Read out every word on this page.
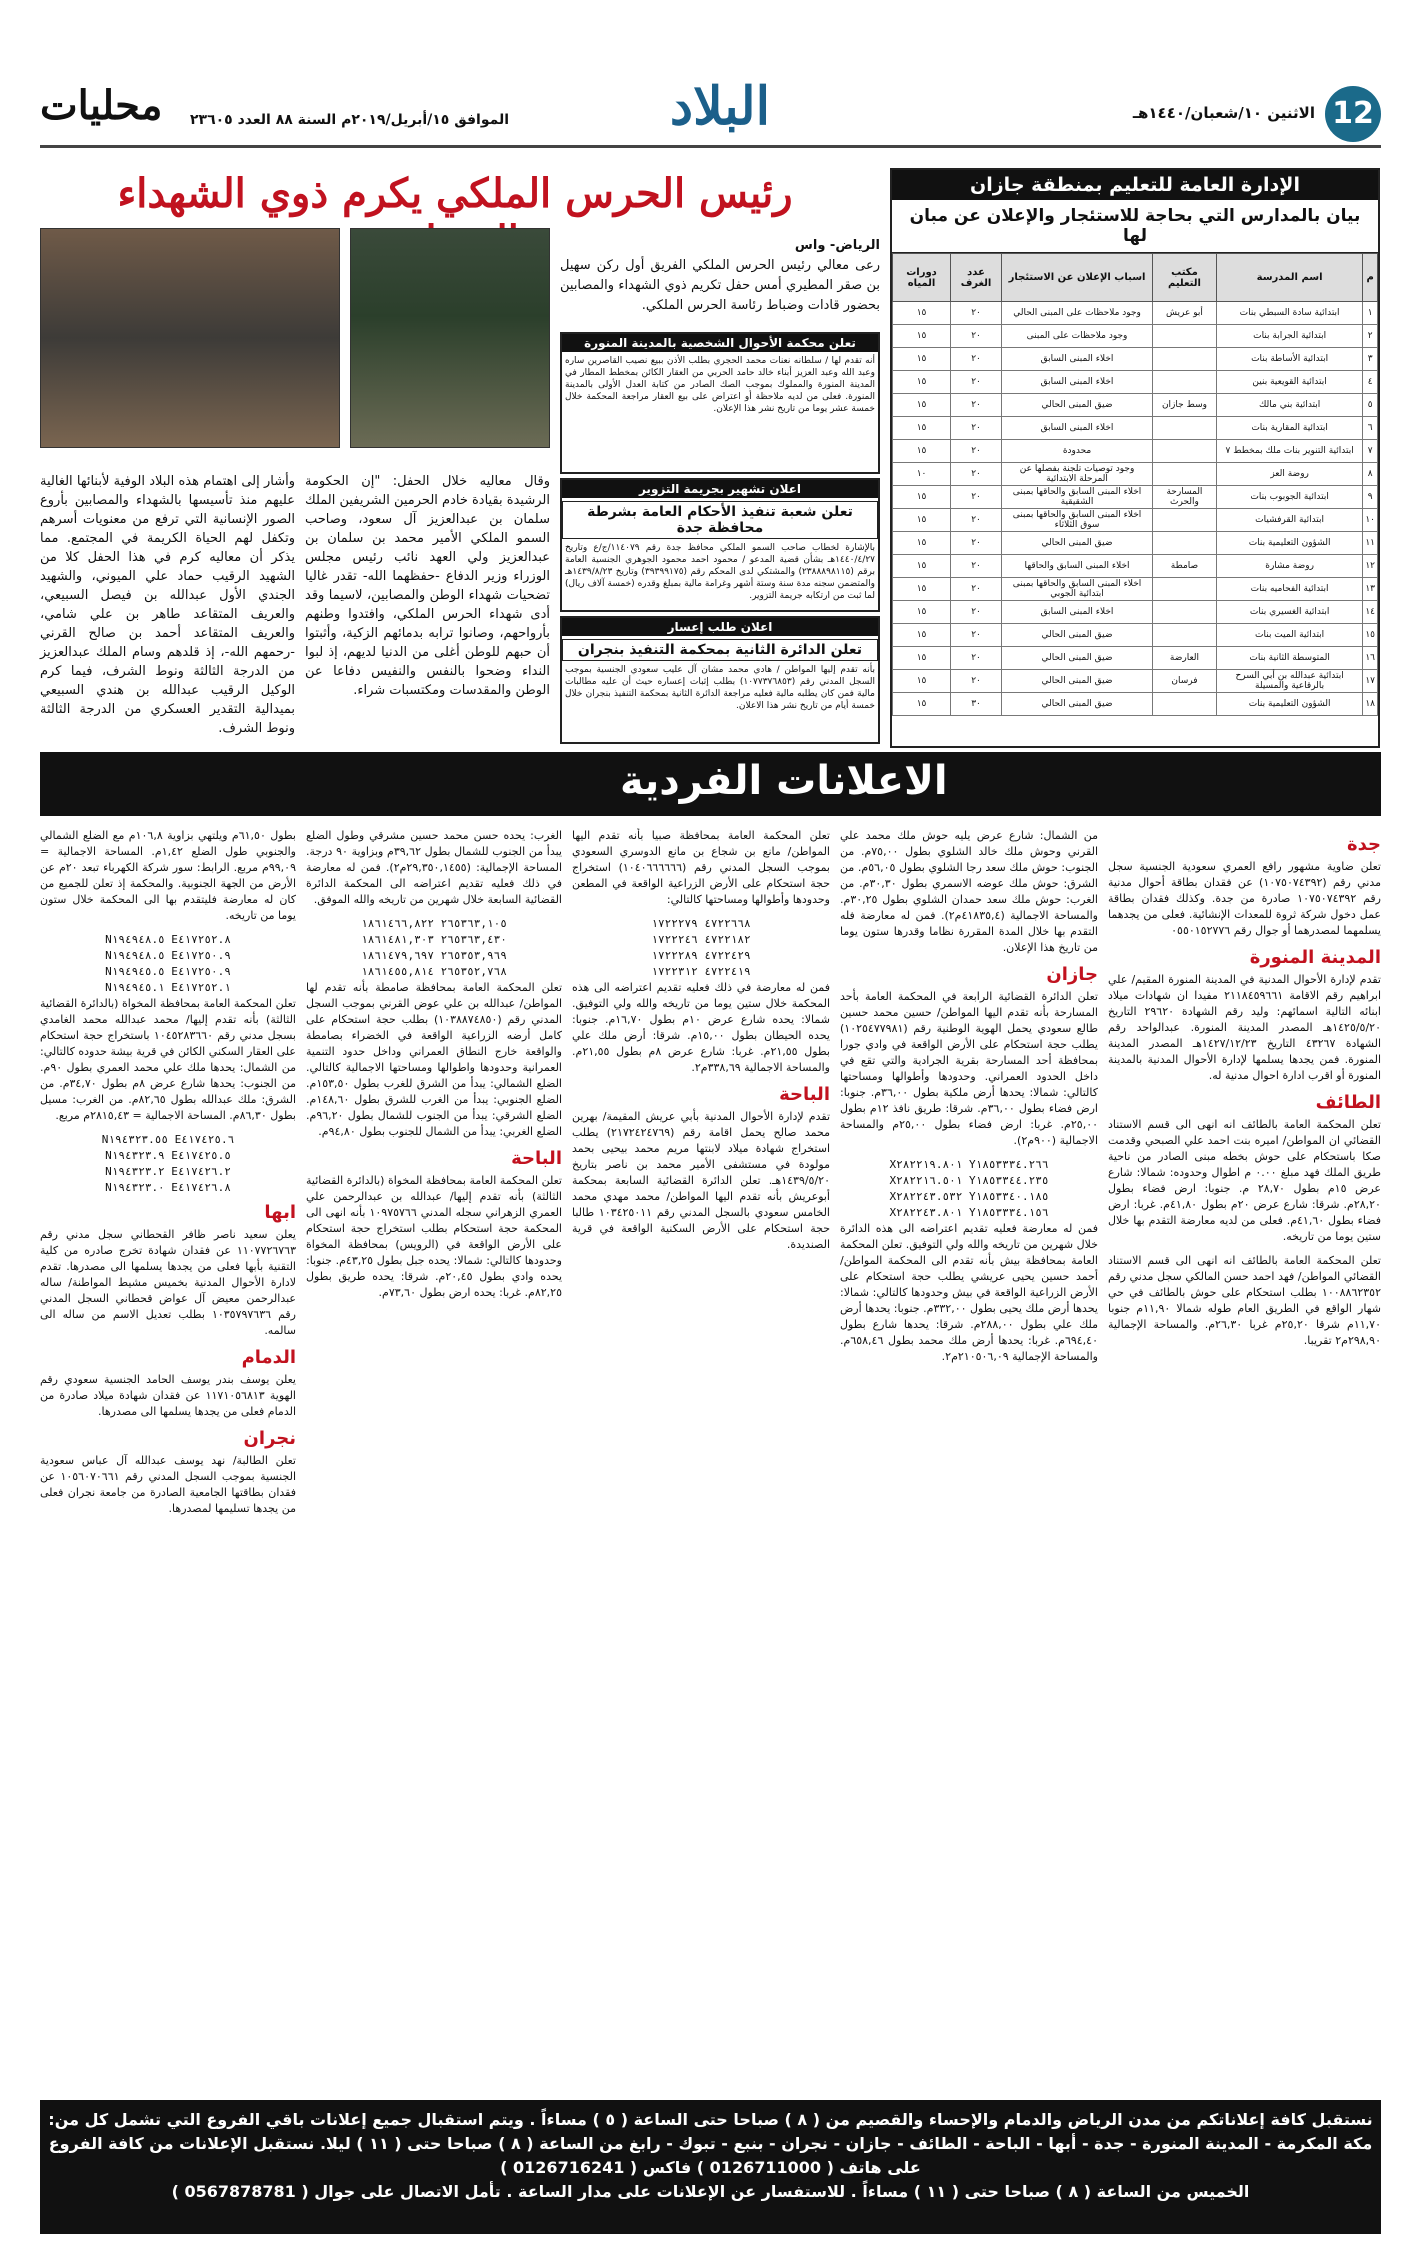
12
الاثنين ١٠/شعبان/١٤٤٠هـ
البلاد
الموافق ١٥/أبريل/٢٠١٩م السنة ٨٨ العدد ٢٣٦٠٥
محليات
الإدارة العامة للتعليم بمنطقة جازان
بيان بالمدارس التي بحاجة للاستئجار والإعلان عن مبان لها
م	اسم المدرسة	مكتب التعليم	اسباب الإعلان عن الاستئجار	عدد الغرف	دورات المياه
١	ابتدائية سادة السبطي بنات	أبو عريش	وجود ملاحظات على المبنى الحالي	٢٠	١٥
٢	ابتدائية الجرابة بنات		وجود ملاحظات على المبنى	٢٠	١٥
٣	ابتدائية الأساطة بنات		اخلاء المبنى السابق	٢٠	١٥
٤	ابتدائية القويعية بنين		اخلاء المبنى السابق	٢٠	١٥
٥	ابتدائية بني مالك	وسط جازان	ضيق المبنى الحالي	٢٠	١٥
٦	ابتدائية المقارية بنات		اخلاء المبنى السابق	٢٠	١٥
٧	ابتدائية التنوير بنات ملك بمخطط ٧		محدودة	٢٠	١٥
٨	روضة العز		وجود توصيات تلجنة بفصلها عن المرحلة الابتدائية	٢٠	١٠
٩	ابتدائية الجوبوب بنات	المسارحة والحرث	اخلاء المبنى السابق والحاقها بمبنى الشقيقية	٢٠	١٥
١٠	ابتدائية القرفشيات		اخلاء المبنى السابق والحاقها بمبنى سوق الثلاثاء	٢٠	١٥
١١	الشؤون التعليمية بنات		ضيق المبنى الحالي	٢٠	١٥
١٢	روضة مشارة	صامطة	اخلاء المبنى السابق والحاقها	٢٠	١٥
١٣	ابتدائية الفحاميه بنات		اخلاء المبنى السابق والحاقها بمبنى ابتدائية الجوبي	٢٠	١٥
١٤	ابتدائية الغسيري بنات		اخلاء المبنى السابق	٢٠	١٥
١٥	ابتدائية الميت بنات		ضيق المبنى الحالي	٢٠	١٥
١٦	المتوسطة الثانية بنات	العارضة	ضيق المبنى الحالي	٢٠	١٥
١٧	ابتدائية عبدالله بن أبي السرح بالرقاعية والمسيلة	فرسان	ضيق المبنى الحالي	٢٠	١٥
١٨	الشؤون التعليمية بنات		ضيق المبنى الحالي	٣٠	١٥
رئيس الحرس الملكي يكرم ذوي الشهداء
الرياض- واس
رعى معالي رئيس الحرس الملكي الفريق أول ركن سهيل بن صقر المطيري أمس حفل تكريم ذوي الشهداء والمصابين بحضور قادات وضباط رئاسة الحرس الملكي.
تعلن محكمة الأحوال الشخصية بالمدينة المنورة
أنه تقدم لها / سلطانه نعنات محمد الحجري بطلب الأذن ببيع نصيب القاصرين ساره وعبد الله وعبد العزيز أبناء خالد حامد الحربي من العقار الكائن بمخطط المطار في المدينة المنورة والمملوك بموجب الصك الصادر من كتابة العدل الأولى بالمدينة المنورة. فعلى من لديه ملاحظة أو اعتراض على بيع العقار مراجعة المحكمة خلال خمسة عشر يوما من تاريخ نشر هذا الإعلان.
اعلان تشهير بجريمة التزوير
تعلن شعبة تنفيذ الأحكام العامة بشرطة محافظة جدة
بالإشارة لخطاب صاحب السمو الملكي محافظ جدة رقم ١١٤٠٧٩/ج/ع وتاريخ ١٤٤٠/٤/٢٧هـ بشأن قضية المدعو / محمود احمد محمود الجوهري الجنسية العامة برقم (٢٣٨٨٨٩٨١١٥) والمشتكي لدى المحكم رقم (٣٩٣٩٩١٧٥) وتاريخ ١٤٣٩/٨/٢٣هـ والمتضمن سجنه مدة سنة وستة أشهر وغرامة مالية بمبلغ وقدره (خمسة آلاف ريال) لما ثبت من ارتكابه جريمة التزوير.
اعلان طلب إعسار
تعلن الدائرة الثانية بمحكمة التنفيذ بنجران
بأنه تقدم إليها المواطن / هادي محمد مشان آل عليب سعودي الجنسية بموجب السجل المدني رقم (١٠٧٧٣٧٦٨٥٣) بطلب إثبات إعساره حيث أن عليه مطالبات مالية فمن كان يطلبه مالية فعليه مراجعة الدائرة الثانية بمحكمة التنفيذ بنجران خلال خمسة أيام من تاريخ نشر هذا الاعلان.
وقال معاليه خلال الحفل: "إن الحكومة الرشيدة بقيادة خادم الحرمين الشريفين الملك سلمان بن عبدالعزيز آل سعود، وصاحب السمو الملكي الأمير محمد بن سلمان بن عبدالعزيز ولي العهد نائب رئيس مجلس الوزراء وزير الدفاع -حفظهما الله- تقدر غاليا تضحيات شهداء الوطن والمصابين، لاسيما وقد أدى شهداء الحرس الملكي، وافتدوا وطنهم بأرواحهم، وصانوا ترابه بدمائهم الزكية، وأثبتوا أن حبهم للوطن أغلى من الدنيا لديهم، إذ لبوا النداء وضحوا بالنفس والنفيس دفاعا عن الوطن والمقدسات ومكتسبات شراء.
وأشار إلى اهتمام هذه البلاد الوفية لأبنائها الغالية عليهم منذ تأسيسها بالشهداء والمصابين بأروع الصور الإنسانية التي ترفع من معنويات أسرهم وتكفل لهم الحياة الكريمة في المجتمع. مما يذكر أن معاليه كرم في هذا الحفل كلا من الشهيد الرقيب حماد علي الميوني، والشهيد الجندي الأول عبدالله بن فيصل السبيعي، والعريف المتقاعد طاهر بن علي شامي، والعريف المتقاعد أحمد بن صالح القرني -رحمهم الله-، إذ قلدهم وسام الملك عبدالعزيز من الدرجة الثالثة ونوط الشرف، فيما كرم الوكيل الرقيب عبدالله بن هندي السبيعي بميدالية التقدير العسكري من الدرجة الثالثة ونوط الشرف.
الاعلانات الفردية
جدة
تعلن ضاوية مشهور رافع العمري سعودية الجنسية سجل مدني رقم (١٠٧٥٠٧٤٣٩٢) عن فقدان بطاقة أحوال مدنية رقم ١٠٧٥٠٧٤٣٩٢ صادرة من جدة. وكذلك فقدان بطاقة عمل دخول شركة ثروة للمعدات الإنشائية. فعلى من يجدهما يسلمهما لمصدرهما أو جوال رقم ٠٥٥٠١٥٢٧٧٦
المدينة المنورة
تقدم لإدارة الأحوال المدنية في المدينة المنورة المقيم/ علي ابراهيم رقم الاقامة ٢١١٨٤٥٩٦٦١ مفيدا ان شهادات ميلاد ابنائه التالية اسمائهم: وليد رقم الشهادة ٢٩٦٢٠ التاريخ ١٤٢٥/٥/٢٠هـ المصدر المدينة المنورة. عبدالواحد رقم الشهادة ٤٣٢٦٧ التاريخ ١٤٢٧/١٢/٢٣هـ المصدر المدينة المنورة. فمن يجدها يسلمها لإدارة الأحوال المدنية بالمدينة المنورة أو اقرب ادارة احوال مدنية له.
الطائف
تعلن المحكمة العامة بالطائف انه انهى الى قسم الاستناد القضائي ان المواطن/ اميره بنت احمد علي الصبحي وقدمت صكا باستحكام على حوش بخطه مبنى الصادر من ناحية طريق الملك فهد مبلغ ٠.٠٠ م اطوال وحدوده: شمالا: شارع عرض ١٥م بطول ٢٨,٧٠ م. جنوبا: ارض فضاء بطول ٢٨,٢٠م. شرقا: شارع عرض ٢٠م بطول ٤١,٨٠م. غربا: ارض فضاء بطول ٤١,٦٠م. فعلى من لديه معارضة التقدم بها خلال ستين يوما من تاريخه.
تعلن المحكمة العامة بالطائف انه انهى الى قسم الاستناد القضائي المواطن/ فهد احمد حسن المالكي سجل مدني رقم ١٠٠٨٨٦٢٣٥٢ بطلب استحكام على حوش بالطائف في حي شهار الواقع في الطريق العام طوله شمالا ١١,٩٠م جنوبا ١١,٧٠م شرقا ٢٥,٢٠م غربا ٢٦,٣٠م. والمساحة الإجمالية ٢٩٨,٩٠م٢ تقريبا.
من الشمال: شارع عرض يليه حوش ملك محمد علي القرني وحوش ملك خالد الشلوي بطول ٧٥,٠٠م. من الجنوب: حوش ملك سعد رجا الشلوي بطول ٥٦,٠٥م. من الشرق: حوش ملك عوضه الاسمري بطول ٣٠,٣٠م. من الغرب: حوش ملك سعد حمدان الشلوي بطول ٣٠,٢٥م. والمساحة الاجمالية (٤١٨٣٥,٤م٢). فمن له معارضة فله التقدم بها خلال المدة المقررة نظاما وقدرها ستون يوما من تاريخ هذا الإعلان.
جازان
تعلن الدائرة القضائية الرابعة في المحكمة العامة بأحد المسارحة بأنه تقدم اليها المواطن/ حسين محمد حسين طالع سعودي يحمل الهوية الوطنية رقم (١٠٢٥٤٧٧٩٨١) يطلب حجة استحكام على الأرض الواقعة في وادي جورا بمحافظة أحد المسارحة بقرية الجرادية والتي تقع في داخل الحدود العمراني. وحدودها وأطوالها ومساحتها كالتالي: شمالا: يحدها أرض ملكية بطول ٣٦,٠٠م. جنوبا: ارض فضاء بطول ٣٦,٠٠م. شرقا: طريق نافذ ١٢م بطول ٢٥,٠٠م. غربا: ارض فضاء بطول ٢٥,٠٠م والمساحة الاجمالية (٩٠٠م٢).
X٢٨٢٢١٩.٨٠١ Y١٨٥٣٣٣٤.٢٦٦
X٢٨٢٢١٦.٥٠١ Y١٨٥٣٣٤٤.٢٣٥
X٢٨٢٢٤٣.٥٣٢ Y١٨٥٣٣٤٠.١٨٥
X٢٨٢٢٤٣.٨٠١ Y١٨٥٣٣٣٤.١٥٦
فمن له معارضة فعليه تقديم اعتراضه الى هذه الدائرة خلال شهرين من تاريخه والله ولي التوفيق. تعلن المحكمة العامة بمحافظة بيش بأنه تقدم الى المحكمة المواطن/ أحمد حسين يحيى عريشي يطلب حجة استحكام على الأرض الزراعية الواقعة في بيش وحدودها كالتالي: شمالا: يحدها أرض ملك يحيى بطول ٣٣٢,٠٠م. جنوبا: يحدها أرض ملك علي بطول ٢٨٨,٠٠م. شرقا: يحدها شارع بطول ٦٩٤,٤٠م. غربا: يحدها أرض ملك محمد بطول ٦٥٨,٤٦م. والمساحة الإجمالية ٢١٠٥٠٦,٠٩م٢.
تعلن المحكمة العامة بمحافظة صبيا بأنه تقدم اليها المواطن/ مانع بن شجاع بن مانع الدوسري السعودي بموجب السجل المدني رقم (١٠٤٠٦٦٦٦٦٦) استخراج حجة استحكام على الأرض الزراعية الواقعة في المطعن وحدودها وأطوالها ومساحتها كالتالي:
٤٧٢٢٦٦٨ ١٧٢٢٢٧٩
٤٧٢٢١٨٢ ١٧٢٢٢٤٦
٤٧٢٢٤٢٩ ١٧٢٢٢٨٩
٤٧٢٢٤١٩ ١٧٢٢٣١٢
فمن له معارضة في ذلك فعليه تقديم اعتراضه الى هذه المحكمة خلال ستين يوما من تاريخه والله ولي التوفيق. شمالا: يحده شارع عرض ١٠م بطول ١٦,٧٠م. جنوبا: يحده الحيطان بطول ١٥,٠٠م. شرقا: أرض ملك علي بطول ٢١,٥٥م. غربا: شارع عرض ٨م بطول ٢١,٥٥م. والمساحة الاجمالية ٣٣٨,٦٩م٢.
الباحة
تقدم لإدارة الأحوال المدنية بأبي عريش المقيمة/ بهرين محمد صالح يحمل اقامة رقم (٢١٧٢٤٢٤٧٦٩) يطلب استخراج شهادة ميلاد لابنتها مريم محمد بيحيى بحمد مولودة في مستشفى الأمير محمد بن ناصر بتاريخ ١٤٣٩/٥/٢٠هـ. تعلن الدائرة القضائية السابعة بمحكمة أبوعريش بأنه تقدم اليها المواطن/ محمد مهدي محمد الخامس سعودي بالسجل المدني رقم ١٠٣٤٢٥٠١١ طالبا حجة استحكام على الأرض السكنية الواقعة في قرية الصنديدة.
الغرب: يحده حسن محمد حسين مشرقي وطول الضلع يبدأ من الجنوب للشمال بطول ٣٩,٦٢م وبزاوية ٩٠ درجة. المساحة الإجمالية: (٢٩,٣٥٠,١٤٥٥م٢). فمن له معارضة في ذلك فعليه تقديم اعتراضه الى المحكمة الدائرة القضائية السابعة خلال شهرين من تاريخه والله الموفق.
٢٦٥٣٦٣,١٠٥ ١٨٦١٤٦٦,٨٢٢
٢٦٥٣٦٣,٤٣٠ ١٨٦١٤٨١,٣٠٣
٢٦٥٣٥٣,٩٦٩ ١٨٦١٤٧٩,٦٩٧
٢٦٥٣٥٢,٧٦٨ ١٨٦١٤٥٥,٨١٤
تعلن المحكمة العامة بمحافظة صامطة بأنه تقدم لها المواطن/ عبدالله بن علي عوض القرني بموجب السجل المدني رقم (١٠٣٨٨٧٤٨٥٠) بطلب حجة استحكام على كامل أرضه الزراعية الواقعة في الخضراء بصامطة والواقعة خارج النطاق العمراني وداخل حدود التنمية العمرانية وحدودها واطوالها ومساحتها الاجمالية كالتالي. الضلع الشمالي: يبدأ من الشرق للغرب بطول ١٥٣,٥٠م. الضلع الجنوبي: يبدأ من الغرب للشرق بطول ١٤٨,٦٠م. الضلع الشرقي: يبدأ من الجنوب للشمال بطول ٩٦,٢٠م. الضلع الغربي: يبدأ من الشمال للجنوب بطول ٩٤,٨٠م.
الباحة
تعلن المحكمة العامة بمحافظة المخواة (بالدائرة القضائية الثالثة) بأنه تقدم إليها/ عبدالله بن عبدالرحمن علي العمري الزهراني سجله المدني ١٠٩٧٥٧٦٦ بأنه انهى الى المحكمة حجة استحكام بطلب استخراج حجة استحكام على الأرض الواقعة في (الرويس) بمحافظة المخواة وحدودها كالتالي: شمالا: يحده جبل بطول ٤٣,٢٥م. جنوبا: يحده وادي بطول ٢٠,٤٥م. شرقا: يحده طريق بطول ٨٢,٢٥م. غربا: يحده ارض بطول ٧٣,٦٠م.
بطول ٦١,٥٠م ويلتهي بزاوية ١٠٦,٨م مع الضلع الشمالي والجنوبي طول الضلع ١,٤٢م. المساحة الاجمالية = ٩٩,٠٩م مربع. الرابط: سور شركة الكهرباء تبعد ٢٠م عن الأرض من الجهة الجنوبية. والمحكمة إذ تعلن للجميع من كان له معارضة فليتقدم بها الى المحكمة خلال ستون يوما من تاريخه.
N١٩٤٩٤٨.٥ E٤١٧٢٥٢.٨
N١٩٤٩٤٨.٥ E٤١٧٢٥٠.٩
N١٩٤٩٤٥.٥ E٤١٧٢٥٠.٩
N١٩٤٩٤٥.١ E٤١٧٢٥٢.١
تعلن المحكمة العامة بمحافظة المخواة (بالدائرة القضائية الثالثة) بأنه تقدم إليها/ محمد عبدالله محمد الغامدي بسجل مدني رقم ١٠٤٥٢٨٣٦٦٠ باستخراج حجة استحكام على العقار السكني الكائن في قرية بيشة حدوده كالتالي: من الشمال: يحدها ملك علي محمد العمري بطول ٩٠م. من الجنوب: يحدها شارع عرض ٨م بطول ٣٤,٧٠م. من الشرق: ملك عبدالله بطول ٨٢,٦٥م. من الغرب: مسيل بطول ٨٦,٣٠م. المساحة الاجمالية = ٢٨١٥,٤٣م مربع.
N١٩٤٣٢٣.٥٥ E٤١٧٤٢٥.٦
N١٩٤٣٢٣.٩ E٤١٧٤٢٥.٥
N١٩٤٣٢٣.٢ E٤١٧٤٢٦.٢
N١٩٤٣٢٣.٠ E٤١٧٤٢٦.٨
ابها
يعلن سعيد ناصر ظافر القحطاني سجل مدني رقم ١١٠٧٧٢٦٧٦٣ عن فقدان شهادة تخرج صادره من كلية التقنية بأبها فعلى من يجدها يسلمها الى مصدرها. تقدم لادارة الأحوال المدنية بخميس مشيط المواطنة/ ساله عبدالرحمن معيض آل عواض قحطاني السجل المدني رقم ١٠٣٥٧٩٧٦٣٦ بطلب تعديل الاسم من ساله الى سالمه.
الدمام
يعلن يوسف بندر يوسف الحامد الجنسية سعودي رقم الهوية ١١٧١٠٥٦٨١٣ عن فقدان شهادة ميلاد صادرة من الدمام فعلى من يجدها يسلمها الى مصدرها.
نجران
تعلن الطالبة/ نهد يوسف عبدالله آل عباس سعودية الجنسية بموجب السجل المدني رقم ١٠٥٦٠٧٠٦٦١ عن فقدان بطاقتها الجامعية الصادرة من جامعة نجران فعلى من يجدها تسليمها لمصدرها.
نستقبل كافة إعلاناتكم من مدن الرياض والدمام والإحساء والقصيم من ( ٨ ) صباحا حتى الساعة ( ٥ ) مساءاً . ويتم استقبال جميع إعلانات باقي الفروع التي تشمل كل من:
مكة المكرمة - المدينة المنورة - جدة - أبها - الباحة - الطائف - جازان - نجران - بنبع - تبوك - رابغ من الساعة ( ٨ ) صباحا حتى ( ١١ ) ليلا. نستقبل الإعلانات من كافة الفروع على هاتف ( 0126711000 ) فاكس ( 0126716241 )
الخميس من الساعة ( ٨ ) صباحا حتى ( ١١ ) مساءاً . للاستفسار عن الإعلانات على مدار الساعة . تأمل الاتصال على جوال ( 0567878781 )
